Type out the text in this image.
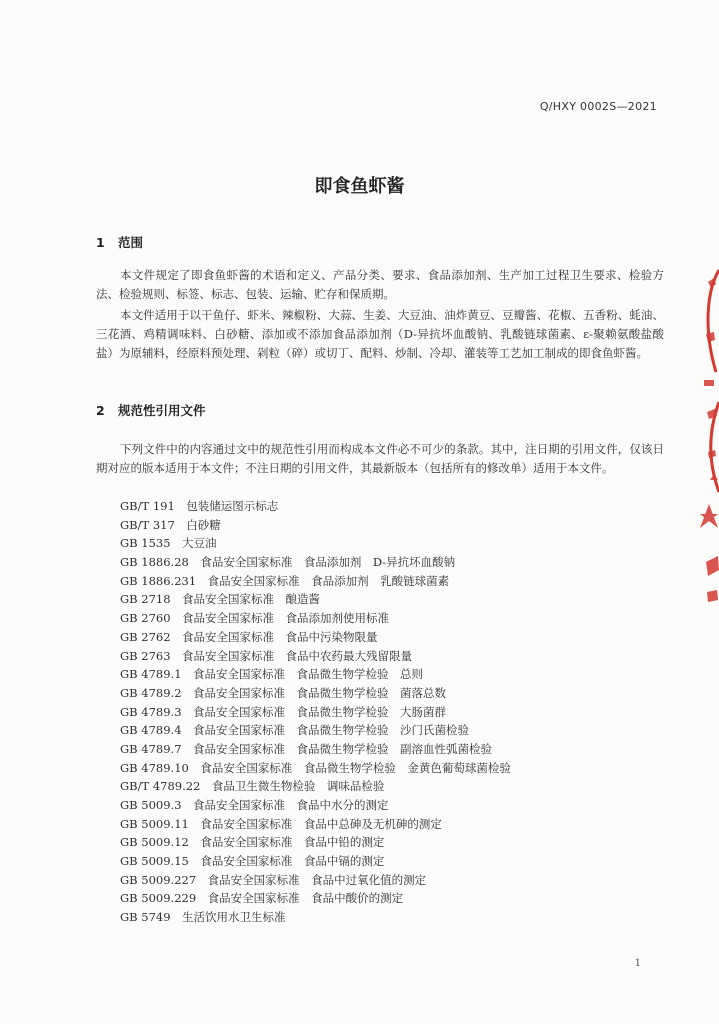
Q/HXY 0002S—2021
即食鱼虾酱
1 范围
本文件规定了即食鱼虾酱的术语和定义、产品分类、要求、食品添加剂、生产加工过程卫生要求、检验方法、检验规则、标签、标志、包装、运输、贮存和保质期。
本文件适用于以干鱼仔、虾米、辣椒粉、大蒜、生姜、大豆油、油炸黄豆、豆瓣酱、花椒、五香粉、蚝油、三花酒、鸡精调味料、白砂糖、添加或不添加食品添加剂（D-异抗坏血酸钠、乳酸链球菌素、ε-聚赖氨酸盐酸盐）为原辅料，经原料预处理、剁粒（碎）或切丁、配料、炒制、冷却、灌装等工艺加工制成的即食鱼虾酱。
2 规范性引用文件
下列文件中的内容通过文中的规范性引用而构成本文件必不可少的条款。其中，注日期的引用文件，仅该日期对应的版本适用于本文件；不注日期的引用文件，其最新版本（包括所有的修改单）适用于本文件。
GB/T 191　包装储运图示标志
GB/T 317　白砂糖
GB 1535　大豆油
GB 1886.28　食品安全国家标准　食品添加剂　D-异抗坏血酸钠
GB 1886.231　食品安全国家标准　食品添加剂　乳酸链球菌素
GB 2718　食品安全国家标准　酿造酱
GB 2760　食品安全国家标准　食品添加剂使用标准
GB 2762　食品安全国家标准　食品中污染物限量
GB 2763　食品安全国家标准　食品中农药最大残留限量
GB 4789.1　食品安全国家标准　食品微生物学检验　总则
GB 4789.2　食品安全国家标准　食品微生物学检验　菌落总数
GB 4789.3　食品安全国家标准　食品微生物学检验　大肠菌群
GB 4789.4　食品安全国家标准　食品微生物学检验　沙门氏菌检验
GB 4789.7　食品安全国家标准　食品微生物学检验　副溶血性弧菌检验
GB 4789.10　食品安全国家标准　食品微生物学检验　金黄色葡萄球菌检验
GB/T 4789.22　食品卫生微生物检验　调味品检验
GB 5009.3　食品安全国家标准　食品中水分的测定
GB 5009.11　食品安全国家标准　食品中总砷及无机砷的测定
GB 5009.12　食品安全国家标准　食品中铅的测定
GB 5009.15　食品安全国家标准　食品中镉的测定
GB 5009.227　食品安全国家标准　食品中过氧化值的测定
GB 5009.229　食品安全国家标准　食品中酸价的测定
GB 5749　生活饮用水卫生标准
1
